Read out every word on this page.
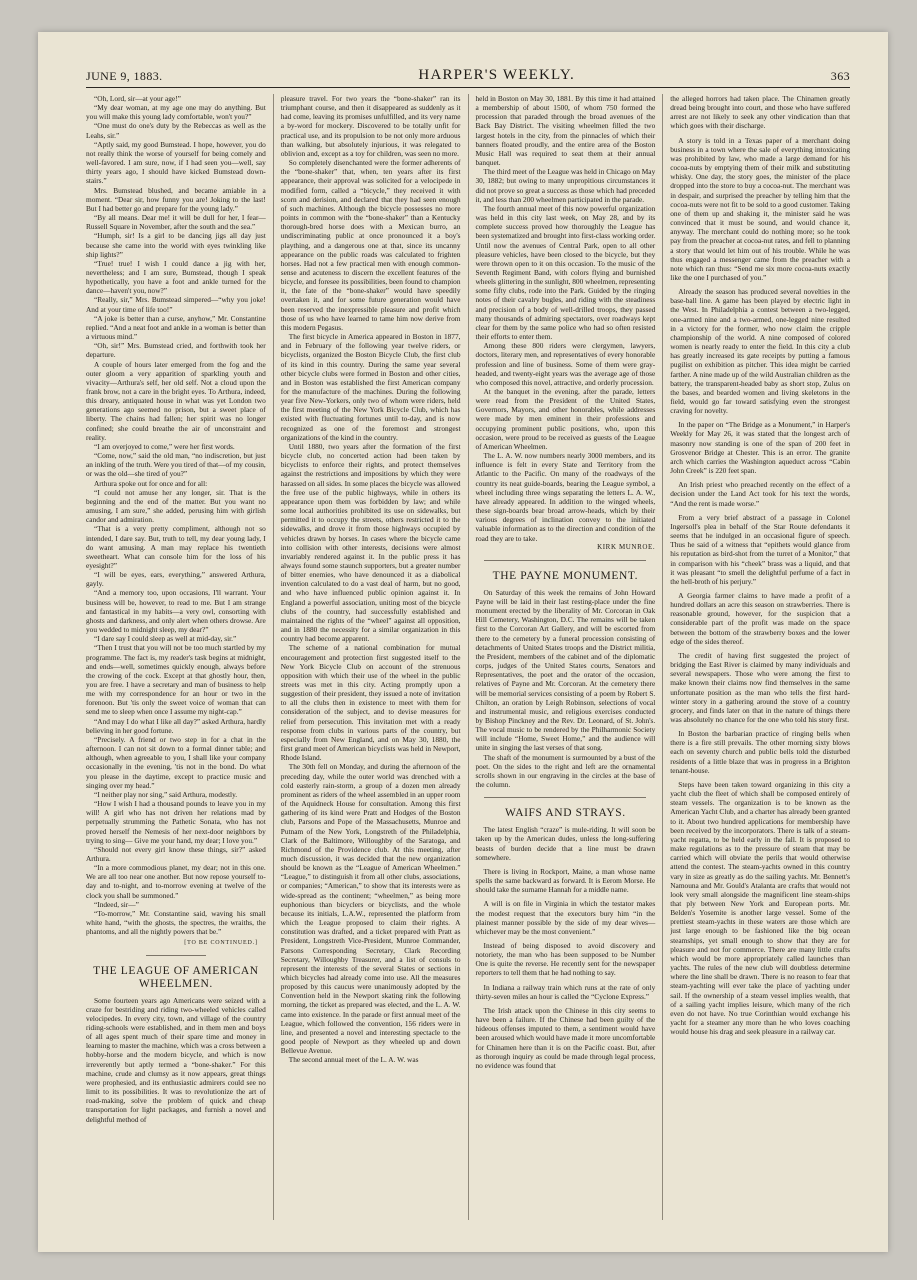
JUNE 9, 1883.	HARPER'S WEEKLY.	363

“Oh, Lord, sir—at your age!”

“My dear woman, at my age one may do anything. But you will make this young lady comfortable, won't you?”

“One must do one's duty by the Rebeccas as well as the Leahs, sir.”

“Aptly said, my good Bumstead. I hope, however, you do not really think the worse of yourself for being comely and well-favored. I am sure, now, if I had seen you—well, say thirty years ago, I should have kicked Bumstead down-stairs.”

Mrs. Bumstead blushed, and became amiable in a moment. “Dear sir, how funny you are! Joking to the last! But I had better go and prepare for the young lady.”

“By all means. Dear me! it will be dull for her, I fear—Russell Square in November, after the south and the sea.”

“Humph, sir! Is a girl to be dancing jigs all day just because she came into the world with eyes twinkling like ship lights?”

“True! true! I wish I could dance a jig with her, nevertheless; and I am sure, Bumstead, though I speak hypothetically, you have a foot and ankle turned for the dance—haven't you, now?”

“Really, sir,” Mrs. Bumstead simpered—“why you joke! And at your time of life too!”

“A joke is better than a curse, anyhow,” Mr. Constantine replied. “And a neat foot and ankle in a woman is better than a virtuous mind.”

“Oh, sir!” Mrs. Bumstead cried, and forthwith took her departure.

A couple of hours later emerged from the fog and the outer gloom a very apparition of sparkling youth and vivacity—Arthura's self, her old self. Not a cloud upon the frank brow, not a care in the bright eyes. To Arthura, indeed, this dreary, antiquated house in what was yet London two generations ago seemed no prison, but a sweet place of liberty. The chains had fallen; her spirit was no longer confined; she could breathe the air of unconstraint and reality.

“I am overjoyed to come,” were her first words.

“Come, now,” said the old man, “no indiscretion, but just an inkling of the truth. Were you tired of that—of my cousin, or was the old—she tired of you?”

Arthura spoke out for once and for all:

“I could not amuse her any longer, sir. That is the beginning and the end of the matter. But you want no amusing, I am sure,” she added, perusing him with girlish candor and admiration.

“That is a very pretty compliment, although not so intended, I dare say. But, truth to tell, my dear young lady, I do want amusing. A man may replace his twentieth sweetheart. What can console him for the loss of his eyesight?”

“I will be eyes, ears, everything,” answered Arthura, gayly.

“And a memory too, upon occasions, I'll warrant. Your business will be, however, to read to me. But I am strange and fantastical in my habits—a very owl, consorting with ghosts and darkness, and only alert when others drowse. Are you wedded to midnight sleep, my dear?”

“I dare say I could sleep as well at mid-day, sir.”

“Then I trust that you will not be too much startled by my programme. The fact is, my reader's task begins at midnight, and ends—well, sometimes quickly enough, always before the crowing of the cock. Except at that ghostly hour, then, you are free. I have a secretary and man of business to help me with my correspondence for an hour or two in the forenoon. But 'tis only the sweet voice of woman that can send me to sleep when once I assume my night-cap.”

“And may I do what I like all day?” asked Arthura, hardly believing in her good fortune.

“Precisely. A friend or two step in for a chat in the afternoon. I can not sit down to a formal dinner table; and although, when agreeable to you, I shall like your company occasionally in the evening, 'tis not in the bond. Do what you please in the daytime, except to practice music and singing over my head.”

“I neither play nor sing,” said Arthura, modestly.

“How I wish I had a thousand pounds to leave you in my will! A girl who has not driven her relations mad by perpetually strumming the Pathetic Sonata, who has not proved herself the Nemesis of her next-door neighbors by trying to sing— Give me your hand, my dear; I love you.”

“Should not every girl know these things, sir?” asked Arthura.

“In a more commodious planet, my dear; not in this one. We are all too near one another. But now repose yourself to-day and to-night, and to-morrow evening at twelve of the clock you shall be summoned.”

“Indeed, sir—”

“To-morrow,” Mr. Constantine said, waving his small white hand, “with the ghosts, the spectres, the wraiths, the phantoms, and all the nightly powers that be.”

[TO BE CONTINUED.]
THE LEAGUE OF AMERICAN WHEELMEN.

Some fourteen years ago Americans were seized with a craze for bestriding and riding two-wheeled vehicles called velocipedes. In every city, town, and village of the country riding-schools were established, and in them men and boys of all ages spent much of their spare time and money in learning to master the machine, which was a cross between a hobby-horse and the modern bicycle, and which is now irreverently but aptly termed a “bone-shaker.” For this machine, crude and clumsy as it now appears, great things were prophesied, and its enthusiastic admirers could see no limit to its possibilities. It was to revolutionize the art of road-making, solve the problem of quick and cheap transportation for light packages, and furnish a novel and delightful method of

pleasure travel. For two years the “bone-shaker” ran its triumphant course, and then it disappeared as suddenly as it had come, leaving its promises unfulfilled, and its very name a by-word for mockery. Discovered to be totally unfit for practical use, and its propulsion to be not only more arduous than walking, but absolutely injurious, it was relegated to oblivion and, except as a toy for children, was seen no more.

So completely disenchanted were the former adherents of the “bone-shaker” that, when, ten years after its first appearance, their approval was solicited for a velocipede in modified form, called a “bicycle,” they received it with scorn and derision, and declared that they had seen enough of such machines. Although the bicycle possesses no more points in common with the “bone-shaker” than a Kentucky thorough-bred horse does with a Mexican burro, an undiscriminating public at once pronounced it a boy's plaything, and a dangerous one at that, since its uncanny appearance on the public roads was calculated to frighten horses. Had not a few practical men with enough common-sense and acuteness to discern the excellent features of the bicycle, and foresee its possibilities, been found to champion it, the fate of the “bone-shaker” would have speedily overtaken it, and for some future generation would have been reserved the inexpressible pleasure and profit which those of us who have learned to tame him now derive from this modern Pegasus.

The first bicycle in America appeared in Boston in 1877, and in February of the following year twelve riders, or bicyclists, organized the Boston Bicycle Club, the first club of its kind in this country. During the same year several other bicycle clubs were formed in Boston and other cities, and in Boston was established the first American company for the manufacture of the machines. During the following year five New-Yorkers, only two of whom were riders, held the first meeting of the New York Bicycle Club, which has existed with fluctuating fortunes until to-day, and is now recognized as one of the foremost and strongest organizations of the kind in the country.

Until 1880, two years after the formation of the first bicycle club, no concerted action had been taken by bicyclists to enforce their rights, and protect themselves against the restrictions and impositions by which they were harassed on all sides. In some places the bicycle was allowed the free use of the public highways, while in others its appearance upon them was forbidden by law; and while some local authorities prohibited its use on sidewalks, but permitted it to occupy the streets, others restricted it to the sidewalks, and drove it from those highways occupied by vehicles drawn by horses. In cases where the bicycle came into collision with other interests, decisions were almost invariably rendered against it. In the public press it has always found some staunch supporters, but a greater number of bitter enemies, who have denounced it as a diabolical invention calculated to do a vast deal of harm, but no good, and who have influenced public opinion against it. In England a powerful association, uniting most of the bicycle clubs of the country, had successfully established and maintained the rights of the “wheel” against all opposition, and in 1880 the necessity for a similar organization in this country had become apparent.

The scheme of a national combination for mutual encouragement and protection first suggested itself to the New York Bicycle Club on account of the strenuous opposition with which their use of the wheel in the public streets was met in this city. Acting promptly upon a suggestion of their president, they issued a note of invitation to all the clubs then in existence to meet with them for consideration of the subject, and to devise measures for relief from persecution. This invitation met with a ready response from clubs in various parts of the country, but especially from New England, and on May 30, 1880, the first grand meet of American bicyclists was held in Newport, Rhode Island.

The 30th fell on Monday, and during the afternoon of the preceding day, while the outer world was drenched with a cold easterly rain-storm, a group of a dozen men already prominent as riders of the wheel assembled in an upper room of the Aquidneck House for consultation. Among this first gathering of its kind were Pratt and Hodges of the Boston club, Parsons and Pope of the Massachusetts, Munroe and Putnam of the New York, Longstreth of the Philadelphia, Clark of the Baltimore, Willoughby of the Saratoga, and Richmond of the Providence club. At this meeting, after much discussion, it was decided that the new organization should be known as the “League of American Wheelmen.” “League,” to distinguish it from all other clubs, associations, or companies; “American,” to show that its interests were as wide-spread as the continent; “wheelmen,” as being more euphonious than bicyclers or bicyclists, and the whole because its initials, L.A.W., represented the platform from which the League proposed to claim their rights. A constitution was drafted, and a ticket prepared with Pratt as President, Longstreth Vice-President, Munroe Commander, Parsons Corresponding Secretary, Clark Recording Secretary, Willoughby Treasurer, and a list of consuls to represent the interests of the several States or sections in which bicycles had already come into use. All the measures proposed by this caucus were unanimously adopted by the Convention held in the Newport skating rink the following morning, the ticket as prepared was elected, and the L. A. W. came into existence. In the parade or first annual meet of the League, which followed the convention, 156 riders were in line, and presented a novel and interesting spectacle to the good people of Newport as they wheeled up and down Bellevue Avenue.

The second annual meet of the L. A. W. was

held in Boston on May 30, 1881. By this time it had attained a membership of about 1500, of whom 750 formed the procession that paraded through the broad avenues of the Back Bay District. The visiting wheelmen filled the two largest hotels in the city, from the pinnacles of which their banners floated proudly, and the entire area of the Boston Music Hall was required to seat them at their annual banquet.

The third meet of the League was held in Chicago on May 30, 1882; but owing to many unpropitious circumstances it did not prove so great a success as those which had preceded it, and less than 200 wheelmen participated in the parade.

The fourth annual meet of this now powerful organization was held in this city last week, on May 28, and by its complete success proved how thoroughly the League has been systematized and brought into first-class working order. Until now the avenues of Central Park, open to all other pleasure vehicles, have been closed to the bicycle, but they were thrown open to it on this occasion. To the music of the Seventh Regiment Band, with colors flying and burnished wheels glittering in the sunlight, 800 wheelmen, representing some fifty clubs, rode into the Park. Guided by the ringing notes of their cavalry bugles, and riding with the steadiness and precision of a body of well-drilled troops, they passed many thousands of admiring spectators, over roadways kept clear for them by the same police who had so often resisted their efforts to enter them.

Among these 800 riders were clergymen, lawyers, doctors, literary men, and representatives of every honorable profession and line of business. Some of them were gray-headed, and twenty-eight years was the average age of those who composed this novel, attractive, and orderly procession.

At the banquet in the evening, after the parade, letters were read from the President of the United States, Governors, Mayors, and other honorables, while addresses were made by men eminent in their professions and occupying prominent public positions, who, upon this occasion, were proud to be received as guests of the League of American Wheelmen.

The L. A. W. now numbers nearly 3000 members, and its influence is felt in every State and Territory from the Atlantic to the Pacific. On many of the roadways of the country its neat guide-boards, bearing the League symbol, a wheel including three wings separating the letters L. A. W., have already appeared. In addition to the winged wheels, these sign-boards bear broad arrow-heads, which by their various degrees of inclination convey to the initiated valuable information as to the direction and condition of the road they are to take.

KIRK MUNROE.
THE PAYNE MONUMENT.

On Saturday of this week the remains of John Howard Payne will be laid in their last resting-place under the fine monument erected by the liberality of Mr. Corcoran in Oak Hill Cemetery, Washington, D.C. The remains will be taken first to the Corcoran Art Gallery, and will be escorted from there to the cemetery by a funeral procession consisting of detachments of United States troops and the District militia, the President, members of the cabinet and of the diplomatic corps, judges of the United States courts, Senators and Representatives, the poet and the orator of the occasion, relatives of Payne and Mr. Corcoran. At the cemetery there will be memorial services consisting of a poem by Robert S. Chilton, an oration by Leigh Robinson, selections of vocal and instrumental music, and religious exercises conducted by Bishop Pinckney and the Rev. Dr. Leonard, of St. John's. The vocal music to be rendered by the Philharmonic Society will include “Home, Sweet Home,” and the audience will unite in singing the last verses of that song.

The shaft of the monument is surmounted by a bust of the poet. On the sides to the right and left are the ornamental scrolls shown in our engraving in the circles at the base of the column.

WAIFS AND STRAYS.

The latest English “craze” is mule-riding. It will soon be taken up by the American dudes, unless the long-suffering beasts of burden decide that a line must be drawn somewhere.

There is living in Rockport, Maine, a man whose name spells the same backward as forward. It is Eerom Morse. He should take the surname Hannah for a middle name.

A will is on file in Virginia in which the testator makes the modest request that the executors bury him “in the plainest manner possible by the side of my dear wives—whichever may be the most convenient.”

Instead of being disposed to avoid discovery and notoriety, the man who has been supposed to be Number One is quite the reverse. He recently sent for the newspaper reporters to tell them that he had nothing to say.

In Indiana a railway train which runs at the rate of only thirty-seven miles an hour is called the “Cyclone Express.”

The Irish attack upon the Chinese in this city seems to have been a failure. If the Chinese had been guilty of the hideous offenses imputed to them, a sentiment would have been aroused which would have made it more uncomfortable for Chinamen here than it is on the Pacific coast. But, after as thorough inquiry as could be made through legal process, no evidence was found that

the alleged horrors had taken place. The Chinamen greatly dread being brought into court, and those who have suffered arrest are not likely to seek any other vindication than that which goes with their discharge.

A story is told in a Texas paper of a merchant doing business in a town where the sale of everything intoxicating was prohibited by law, who made a large demand for his cocoa-nuts by emptying them of their milk and substituting whisky. One day, the story goes, the minister of the place dropped into the store to buy a cocoa-nut. The merchant was in despair, and surprised the preacher by telling him that the cocoa-nuts were not fit to be sold to a good customer. Taking one of them up and shaking it, the minister said he was convinced that it must be sound, and would chance it, anyway. The merchant could do nothing more; so he took pay from the preacher at cocoa-nut rates, and fell to planning a story that would let him out of his trouble. While he was thus engaged a messenger came from the preacher with a note which ran thus: “Send me six more cocoa-nuts exactly like the one I purchased of you.”

Already the season has produced several novelties in the base-ball line. A game has been played by electric light in the West. In Philadelphia a contest between a two-legged, one-armed nine and a two-armed, one-legged nine resulted in a victory for the former, who now claim the cripple championship of the world. A nine composed of colored women is nearly ready to enter the field. In this city a club has greatly increased its gate receipts by putting a famous pugilist on exhibition as pitcher. This idea might be carried farther. A nine made up of the wild Australian children as the battery, the transparent-headed baby as short stop, Zulus on the bases, and bearded women and living skeletons in the field, would go far toward satisfying even the strongest craving for novelty.

In the paper on “The Bridge as a Monument,” in Harper's Weekly for May 26, it was stated that the longest arch of masonry now standing is one of the span of 200 feet in Grosvenor Bridge at Chester. This is an error. The granite arch which carries the Washington aqueduct across “Cabin John Creek” is 220 feet span.

An Irish priest who preached recently on the effect of a decision under the Land Act took for his text the words, “And the rent is made worse.”

From a very brief abstract of a passage in Colonel Ingersoll's plea in behalf of the Star Route defendants it seems that he indulged in an occasional figure of speech. Thus he said of a witness that “epithets would glance from his reputation as bird-shot from the turret of a Monitor,” that in comparison with his “cheek” brass was a liquid, and that it was pleasant “to smell the delightful perfume of a fact in the hell-broth of his perjury.”

A Georgia farmer claims to have made a profit of a hundred dollars an acre this season on strawberries. There is reasonable ground, however, for the suspicion that a considerable part of the profit was made on the space between the bottom of the strawberry boxes and the lower edge of the sides thereof.

The credit of having first suggested the project of bridging the East River is claimed by many individuals and several newspapers. Those who were among the first to make known their claims now find themselves in the same unfortunate position as the man who tells the first hard-winter story in a gathering around the stove of a country grocery, and finds later on that in the nature of things there was absolutely no chance for the one who told his story first.

In Boston the barbarian practice of ringing bells when there is a fire still prevails. The other morning sixty blows each on seventy church and public bells told the disturbed residents of a little blaze that was in progress in a Brighton tenant-house.

Steps have been taken toward organizing in this city a yacht club the fleet of which shall be composed entirely of steam vessels. The organization is to be known as the American Yacht Club, and a charter has already been granted to it. About two hundred applications for membership have been received by the incorporators. There is talk of a steam-yacht regatta, to be held early in the fall. It is proposed to make regulations as to the pressure of steam that may be carried which will obviate the perils that would otherwise attend the contest. The steam-yachts owned in this country vary in size as greatly as do the sailing yachts. Mr. Bennett's Namouna and Mr. Gould's Atalanta are crafts that would not look very small alongside the magnificent line steam-ships that ply between New York and European ports. Mr. Belden's Yosemite is another large vessel. Some of the prettiest steam-yachts in these waters are those which are just large enough to be fashioned like the big ocean steamships, yet small enough to show that they are for pleasure and not for commerce. There are many little crafts which would be more appropriately called launches than yachts. The rules of the new club will doubtless determine where the line shall be drawn. There is no reason to fear that steam-yachting will ever take the place of yachting under sail. If the ownership of a steam vessel implies wealth, that of a sailing yacht implies leisure, which many of the rich even do not have. No true Corinthian would exchange his yacht for a steamer any more than he who loves coaching would house his drag and seek pleasure in a railway car.
